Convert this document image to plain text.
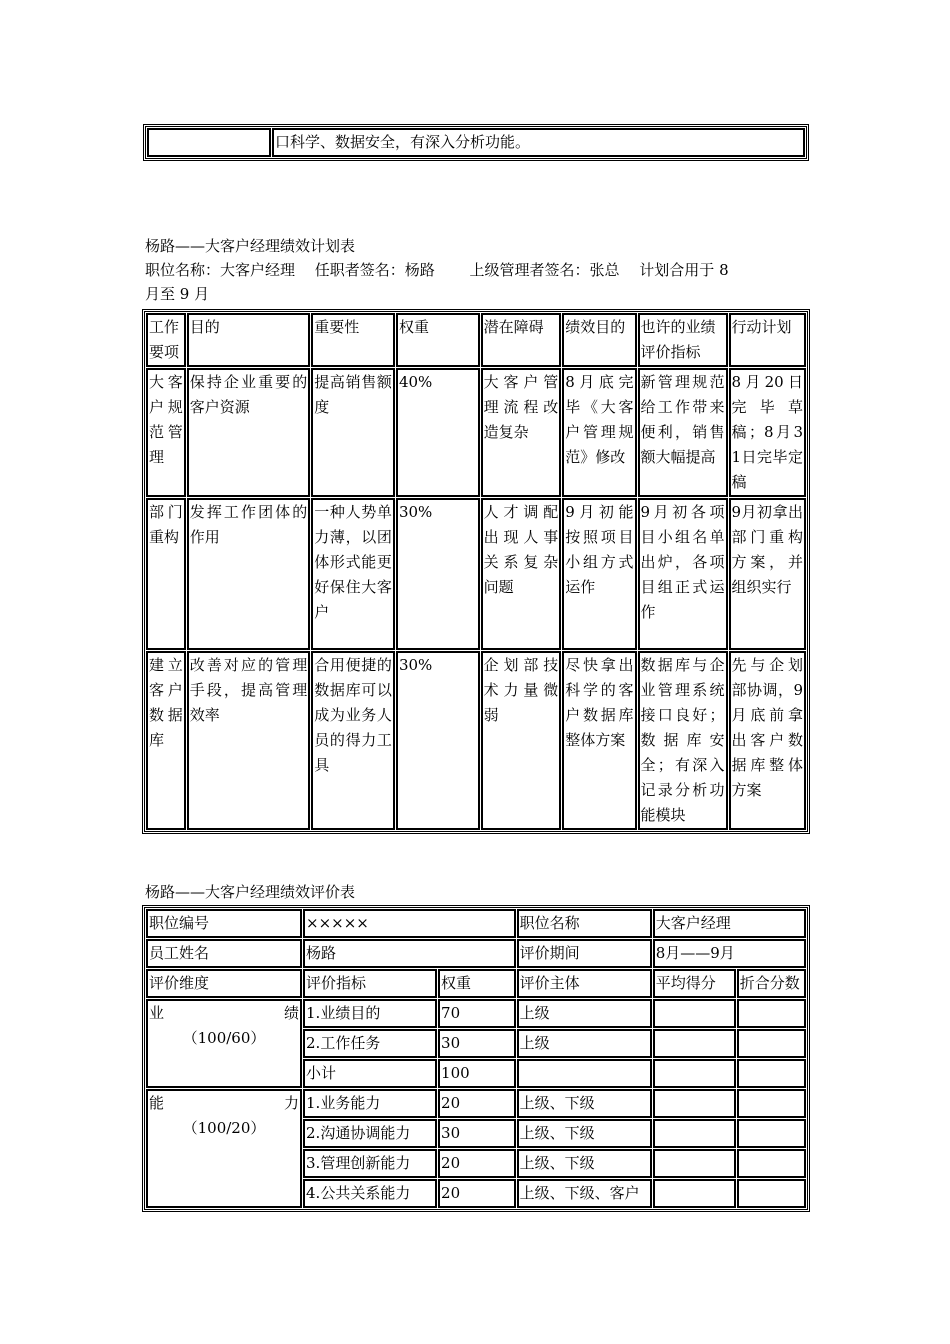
	口科学、数据安全，有深入分析功能。
杨路——大客户经理绩效计划表
职位名称：大客户经理　 任职者签名：杨路　　 上级管理者签名：张总　 计划合用于 8
月至 9 月
工作要项	目的	重要性	权重	潜在障碍	绩效目的	也许的业绩评价指标	行动计划
大客户规范管理	保持企业重要的客户资源	提高销售额度	40%	大客户管理流程改造复杂	8月底完毕《大客户管理规范》修改	新管理规范给工作带来便利，销售额大幅提高	8月20日完毕草稿；8月31日完毕定稿
部门重构	发挥工作团体的作用	一种人势单力薄，以团体形式能更好保住大客户	30%	人才调配出现人事关系复杂问题	9月初能按照项目小组方式运作	9月初各项目小组名单出炉，各项目组正式运作	9月初拿出部门重构方案，并组织实行
建立客户数据库	改善对应的管理手段，提高管理效率	合用便捷的数据库可以成为业务人员的得力工具	30%	企划部技术力量微弱	尽快拿出科学的客户数据库整体方案	数据库与企业管理系统接口良好；数据库安全；有深入记录分析功能模块	先与企划部协调，9月底前拿出客户数据库整体方案
杨路——大客户经理绩效评价表
职位编号	×××××		职位名称	大客户经理	
员工姓名	杨路		评价期间	8月——9月	
评价维度	评价指标	权重	评价主体	平均得分	折合分数

业　　　　　　　　绩
（100/60）	1.业绩目的	70	上级		
	2.工作任务	30	上级		
	小计	100			

能　　　　　　　　力
（100/20）	1.业务能力	20	上级、下级		
	2.沟通协调能力	30	上级、下级		
	3.管理创新能力	20	上级、下级		
	4.公共关系能力	20	上级、下级、客户		
